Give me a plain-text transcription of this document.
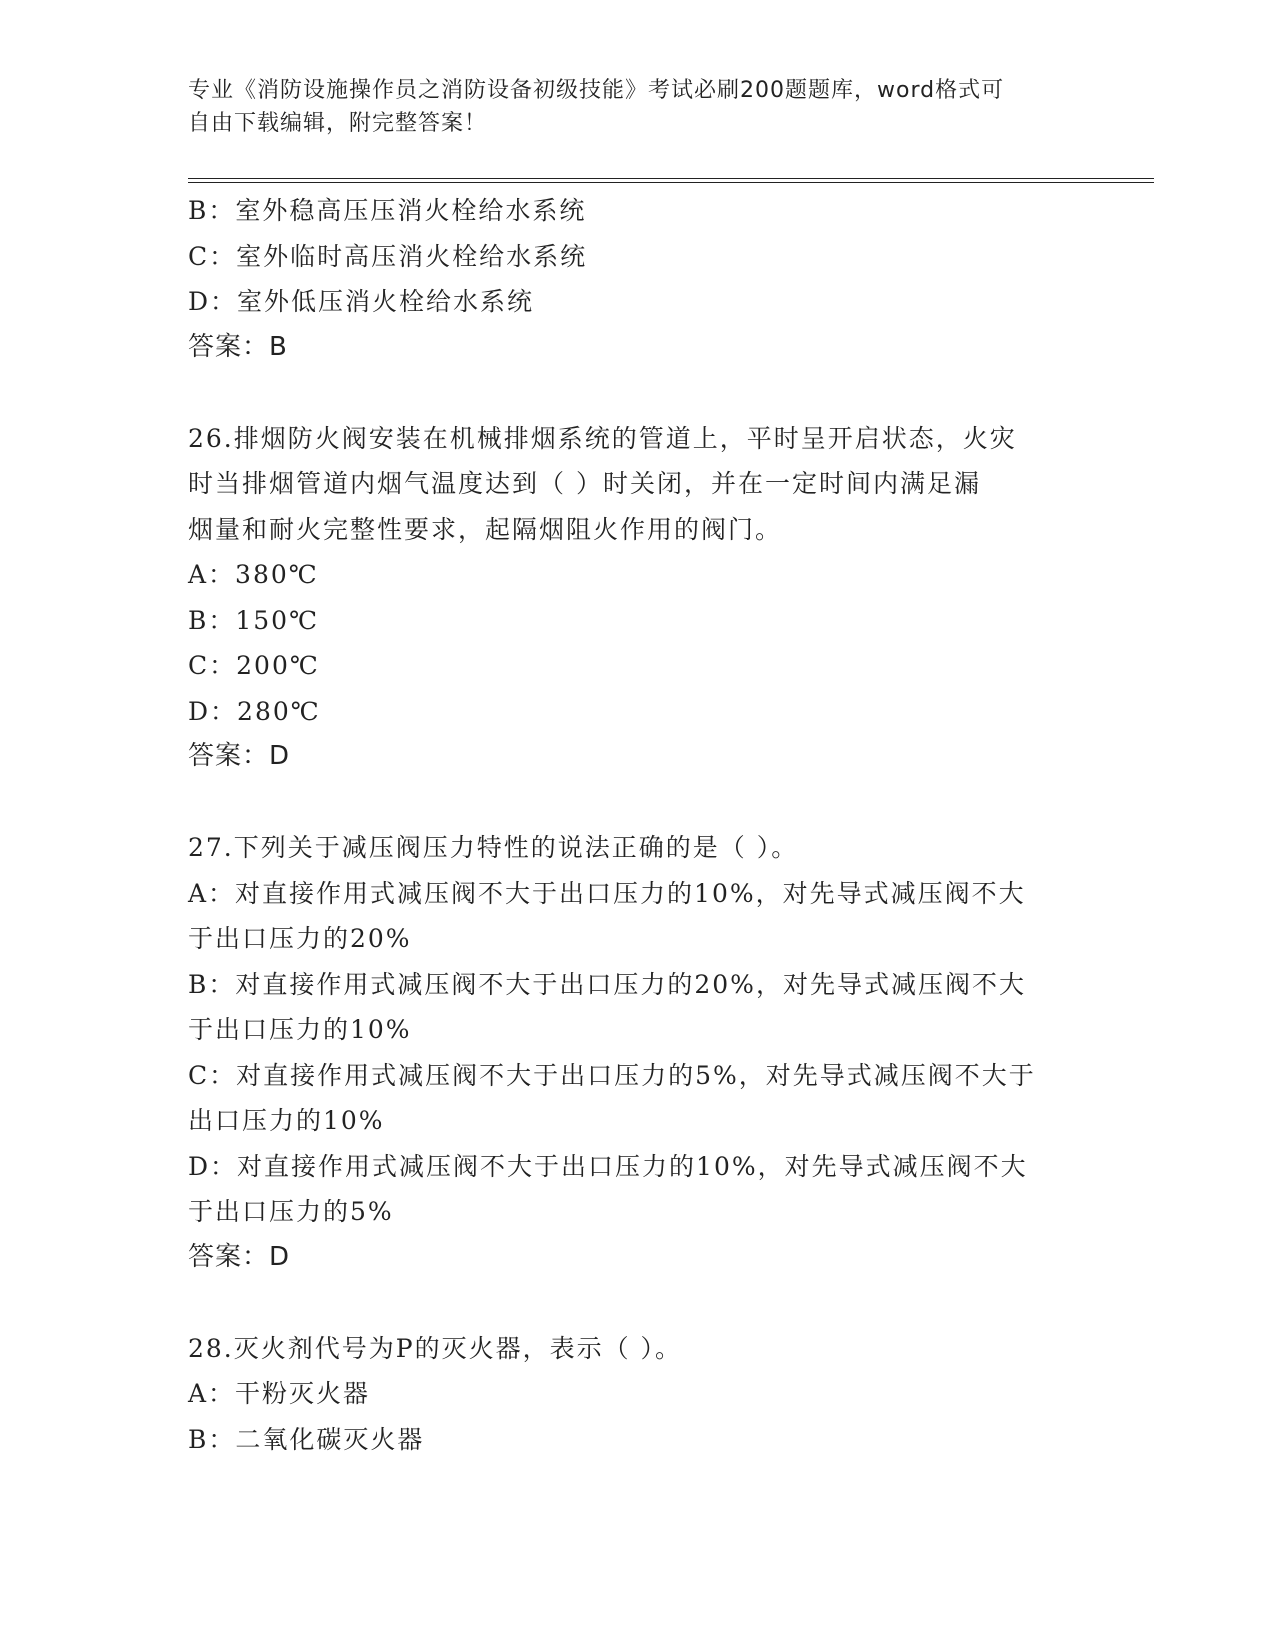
专业《消防设施操作员之消防设备初级技能》考试必刷200题题库，word格式可
自由下载编辑，附完整答案！
B：室外稳高压压消火栓给水系统
C：室外临时高压消火栓给水系统
D：室外低压消火栓给水系统
答案：B
26.排烟防火阀安装在机械排烟系统的管道上，平时呈开启状态，火灾
时当排烟管道内烟气温度达到（ ）时关闭，并在一定时间内满足漏
烟量和耐火完整性要求，起隔烟阻火作用的阀门。
A：380℃
B：150℃
C：200℃
D：280℃
答案：D
27.下列关于减压阀压力特性的说法正确的是（ ）。
A：对直接作用式减压阀不大于出口压力的10%，对先导式减压阀不大
于出口压力的20%
B：对直接作用式减压阀不大于出口压力的20%，对先导式减压阀不大
于出口压力的10%
C：对直接作用式减压阀不大于出口压力的5%，对先导式减压阀不大于
出口压力的10%
D：对直接作用式减压阀不大于出口压力的10%，对先导式减压阀不大
于出口压力的5%
答案：D
28.灭火剂代号为P的灭火器，表示（ ）。
A：干粉灭火器
B：二氧化碳灭火器
